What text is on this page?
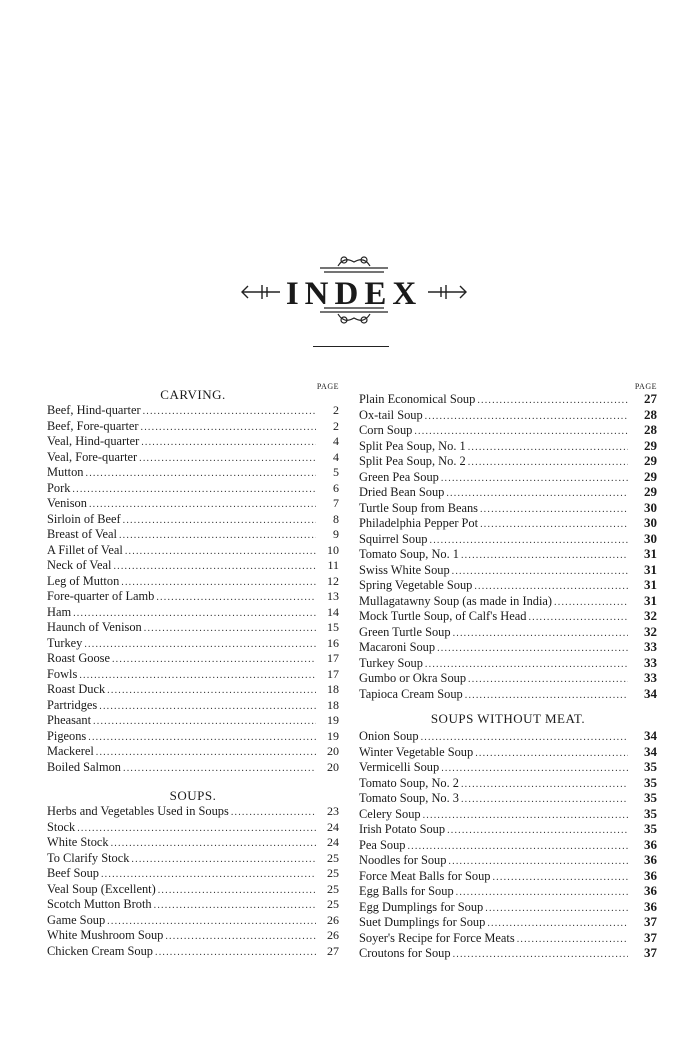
INDEX
PAGE
CARVING.
Beef, Hind-quarter .....	2
Beef, Fore-quarter .....	2
Veal, Hind-quarter .....	4
Veal, Fore-quarter .....	4
Mutton .....	5
Pork .....	6
Venison .....	7
Sirloin of Beef .....	8
Breast of Veal .....	9
A Fillet of Veal .....	10
Neck of Veal .....	11
Leg of Mutton .....	12
Fore-quarter of Lamb .....	13
Ham .....	14
Haunch of Venison .....	15
Turkey .....	16
Roast Goose .....	17
Fowls .....	17
Roast Duck .....	18
Partridges .....	18
Pheasant .....	19
Pigeons .....	19
Mackerel .....	20
Boiled Salmon .....	20
SOUPS.
Herbs and Vegetables Used in Soups .....	23
Stock .....	24
White Stock .....	24
To Clarify Stock .....	25
Beef Soup .....	25
Veal Soup (Excellent) .....	25
Scotch Mutton Broth .....	25
Game Soup .....	26
White Mushroom Soup .....	26
Chicken Cream Soup .....	27
PAGE
Plain Economical Soup .....	27
Ox-tail Soup .....	28
Corn Soup .....	28
Split Pea Soup, No. 1 .....	29
Split Pea Soup, No. 2 .....	29
Green Pea Soup .....	29
Dried Bean Soup .....	29
Turtle Soup from Beans .....	30
Philadelphia Pepper Pot .....	30
Squirrel Soup .....	30
Tomato Soup, No. 1 .....	31
Swiss White Soup .....	31
Spring Vegetable Soup .....	31
Mullagatawny Soup (as made in India) .....	31
Mock Turtle Soup, of Calf's Head .....	32
Green Turtle Soup .....	32
Macaroni Soup .....	33
Turkey Soup .....	33
Gumbo or Okra Soup .....	33
Tapioca Cream Soup .....	34
SOUPS WITHOUT MEAT.
Onion Soup .....	34
Winter Vegetable Soup .....	34
Vermicelli Soup .....	35
Tomato Soup, No. 2 .....	35
Tomato Soup, No. 3 .....	35
Celery Soup .....	35
Irish Potato Soup .....	35
Pea Soup .....	36
Noodles for Soup .....	36
Force Meat Balls for Soup .....	36
Egg Balls for Soup .....	36
Egg Dumplings for Soup .....	36
Suet Dumplings for Soup .....	37
Soyer's Recipe for Force Meats .....	37
Croutons for Soup .....	37
